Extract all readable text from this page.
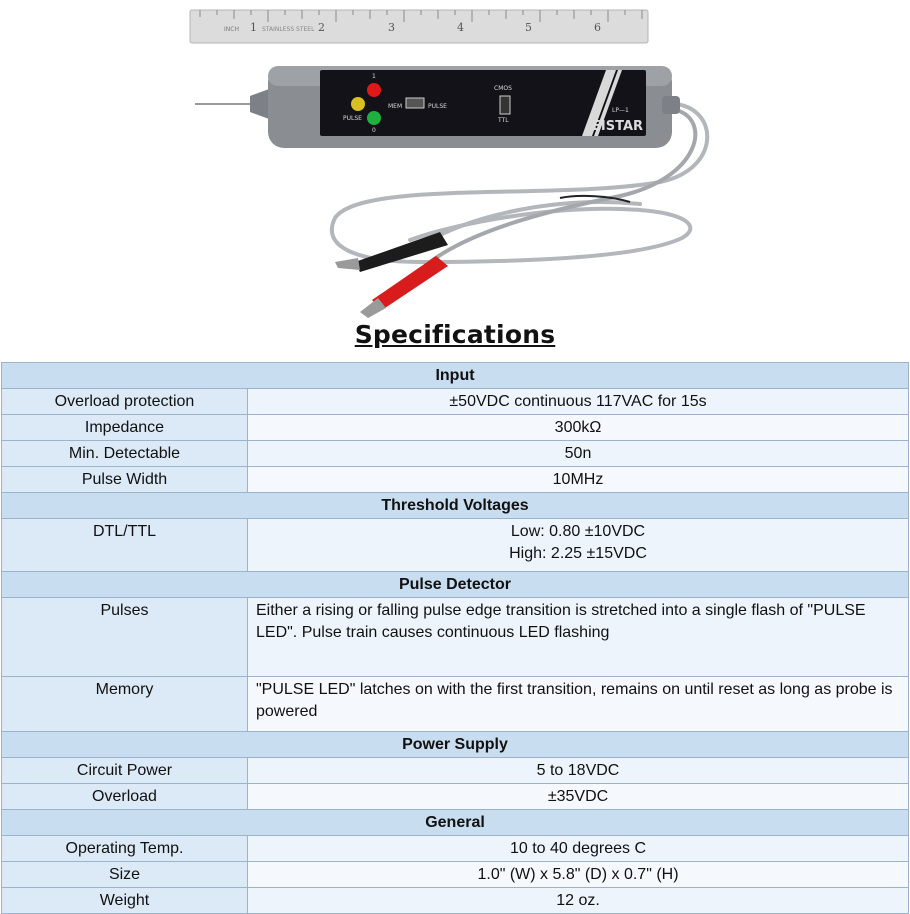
INCH	STAINLESS STEEL
1	2	3	4	5	6
1
0
PULSE
MEM	PULSE
CMOS
TTL
LP—1
EISTAR
Specifications
Input	
Overload protection	±50VDC continuous 117VAC for 15s
Impedance	300kΩ
Min. Detectable	50n
Pulse Width	10MHz
Threshold Voltages	
DTL/TTL	Low: 0.80 ±10VDC
High: 2.25 ±15VDC

Pulse Detector	
Pulses	Either a rising or falling pulse edge transition is stretched into a single flash of "PULSE LED". Pulse train causes continuous LED flashing
Memory	"PULSE LED" latches on with the first transition, remains on until reset as long as probe is powered
Power Supply	
Circuit Power	5 to 18VDC
Overload	±35VDC
General	
Operating Temp.	10 to 40 degrees C
Size	1.0" (W) x 5.8" (D) x 0.7" (H)
Weight	12 oz.
